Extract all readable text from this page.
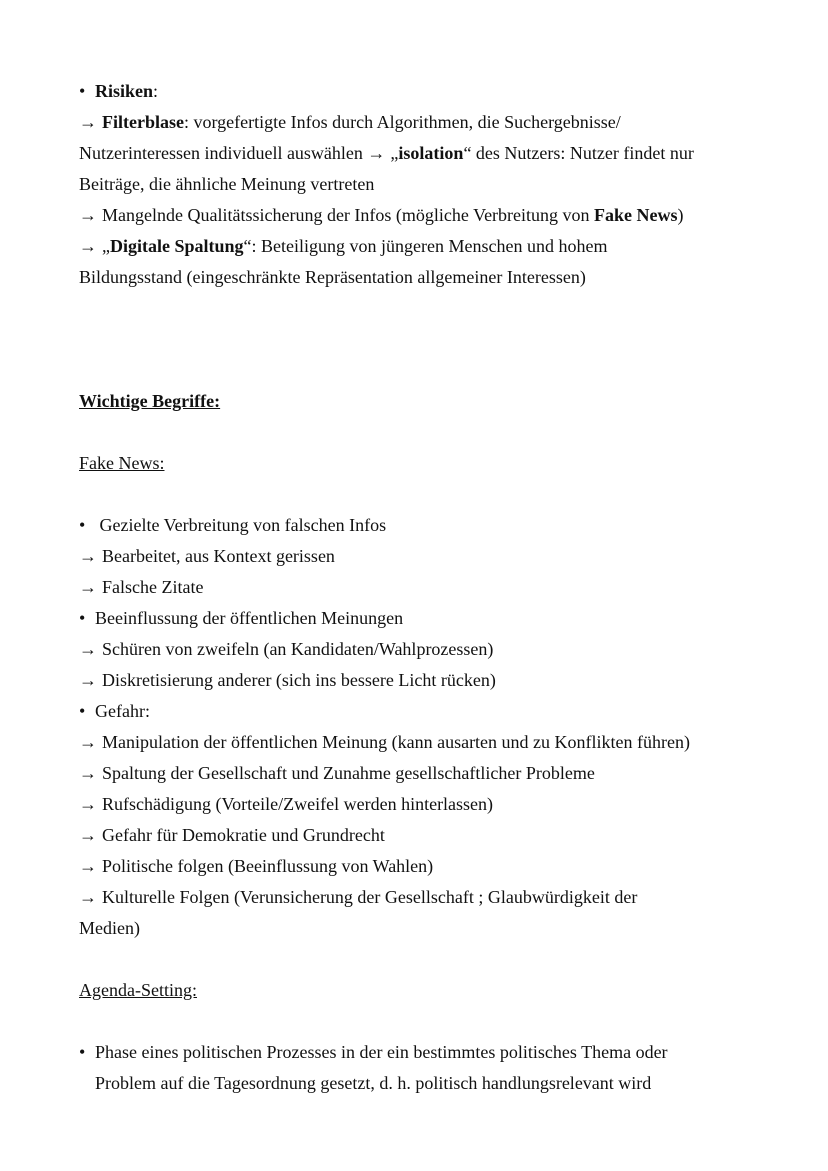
• Risiken:
→ Filterblase: vorgefertigte Infos durch Algorithmen, die Suchergebnisse/
Nutzerinteressen individuell auswählen → „isolation“ des Nutzers: Nutzer findet nur
Beiträge, die ähnliche Meinung vertreten
→ Mangelnde Qualitätssicherung der Infos (mögliche Verbreitung von Fake News)
→ „Digitale Spaltung“: Beteiligung von jüngeren Menschen und hohem
Bildungsstand (eingeschränkte Repräsentation allgemeiner Interessen)
Wichtige Begriffe:
Fake News:
• Gezielte Verbreitung von falschen Infos
→ Bearbeitet, aus Kontext gerissen
→ Falsche Zitate
• Beeinflussung der öffentlichen Meinungen
→ Schüren von zweifeln (an Kandidaten/Wahlprozessen)
→ Diskretisierung anderer (sich ins bessere Licht rücken)
• Gefahr:
→ Manipulation der öffentlichen Meinung (kann ausarten und zu Konflikten führen)
→ Spaltung der Gesellschaft und Zunahme gesellschaftlicher Probleme
→ Rufschädigung (Vorteile/Zweifel werden hinterlassen)
→ Gefahr für Demokratie und Grundrecht
→ Politische folgen (Beeinflussung von Wahlen)
→ Kulturelle Folgen (Verunsicherung der Gesellschaft ; Glaubwürdigkeit der
Medien)
Agenda-Setting:
• Phase eines politischen Prozesses in der ein bestimmtes politisches Thema oder
Problem auf die Tagesordnung gesetzt, d. h. politisch handlungsrelevant wird
